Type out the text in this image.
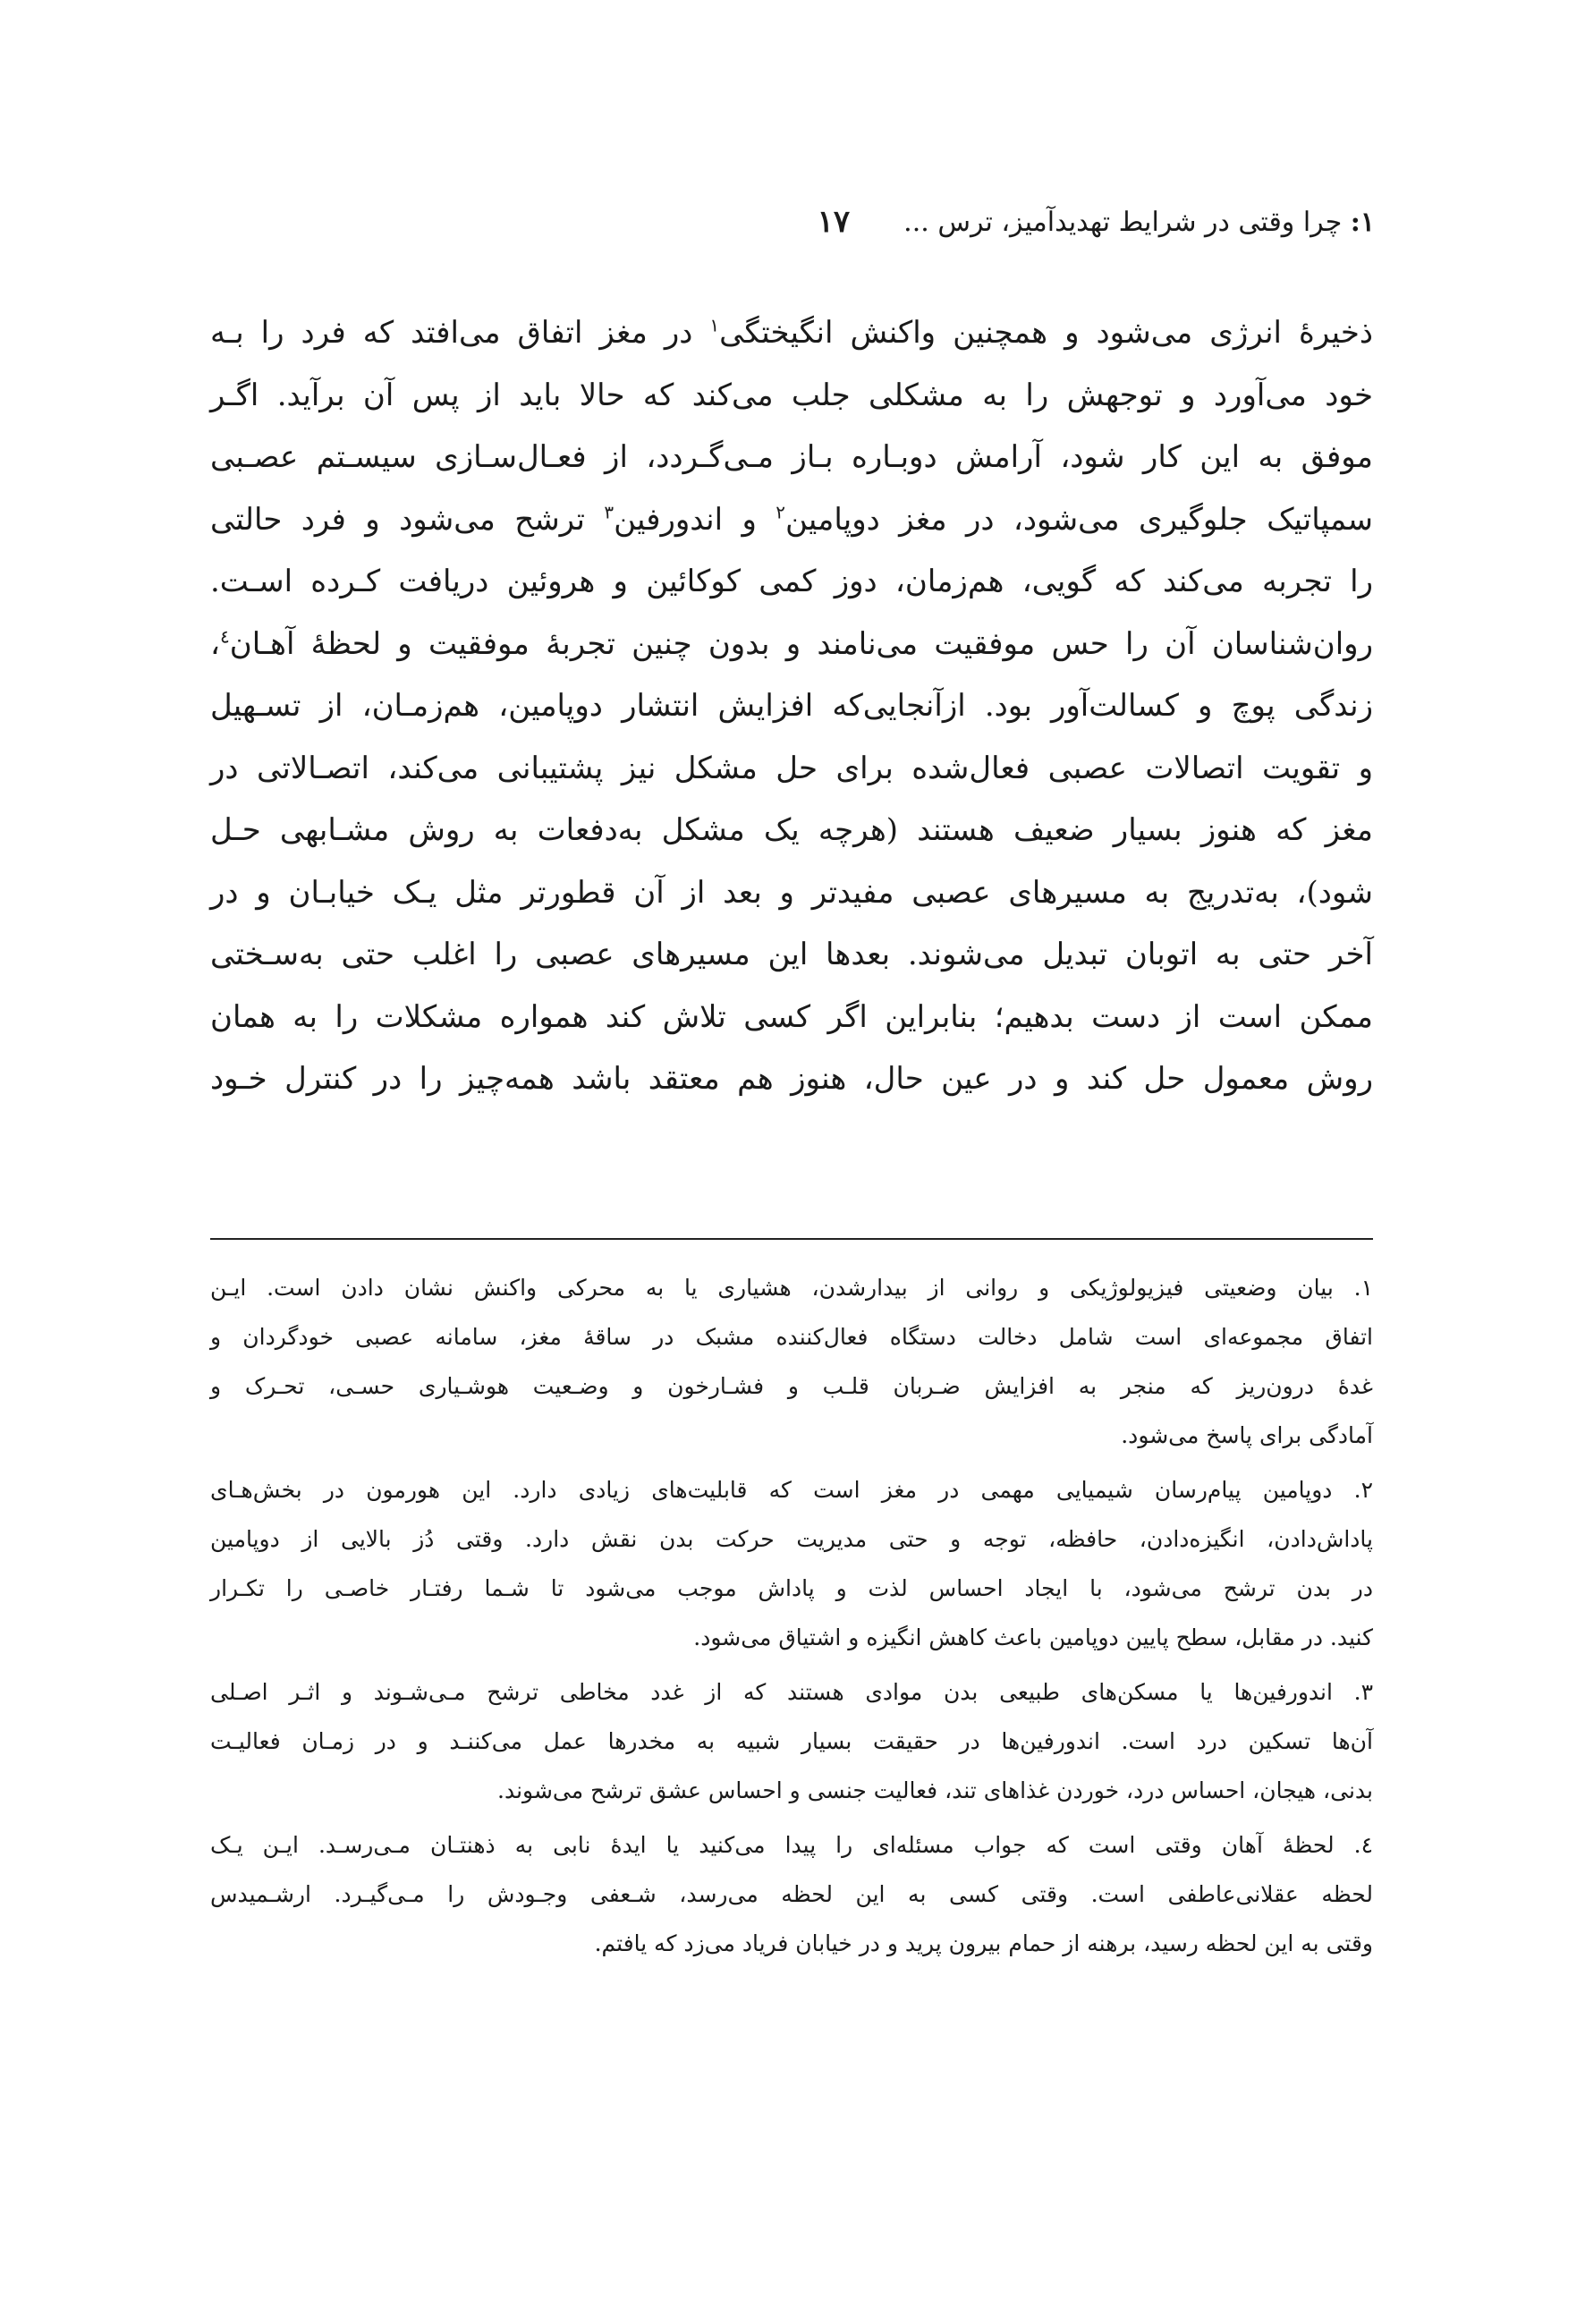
۱: چرا وقتی در شرایط تهدیدآمیز، ترس ...
۱۷
ذخیرهٔ انرژی می‌شود و همچنین واکنش انگیختگی$^۱$ در مغز اتفاق می‌افتد که فرد را بـه
خود می‌آورد و توجهش را به مشکلی جلب می‌کند که حالا باید از پس آن برآید. اگـر
موفق به این کار شود، آرامش دوبـاره بـاز مـی‌گـردد، از فعـال‌سـازی سیسـتم عصـبی
سمپاتیک جلوگیری می‌شود، در مغز دوپامین$^۲$ و اندورفین$^۳$ ترشح می‌شود و فرد حالتی
را تجربه می‌کند که گویی، هم‌زمان، دوز کمی کوکائین و هروئین دریافت کـرده اسـت.
روان‌شناسان آن را حس موفقیت می‌نامند و بدون چنین تجربهٔ موفقیت و لحظهٔ آهـان$^٤$،
زندگی پوچ و کسالت‌آور بود. ازآنجایی‌که افزایش انتشار دوپامین، هم‌زمـان، از تسـهیل
و تقویت اتصالات عصبی فعال‌شده برای حل مشکل نیز پشتیبانی می‌کند، اتصـالاتی در
مغز که هنوز بسیار ضعیف هستند (هرچه یک مشکل به‌دفعات به روش مشـابهی حـل
شود)، به‌تدریج به مسیرهای عصبی مفیدتر و بعد از آن قطورتر مثل یـک خیابـان و در
آخر حتی به اتوبان تبدیل می‌شوند. بعدها این مسیرهای عصبی را اغلب حتی به‌سـختی
ممکن است از دست بدهیم؛ بنابراین اگر کسی تلاش کند همواره مشکلات را به همان
روش معمول حل کند و در عین حال، هنوز هم معتقد باشد همه‌چیز را در کنترل خـود
۱. بیان وضعیتی فیزیولوژیکی و روانی از بیدارشدن، هشیاری یا به محرکی واکنش نشان دادن است. ایـن
اتفاق مجموعه‌ای است شامل دخالت دستگاه فعال‌کننده مشبک در ساقهٔ مغز، سامانه عصبی خودگردان و
غدهٔ درون‌ریز که منجر به افزایش ضـربان قلـب و فشـارخون و وضـعیت هوشـیاری حسـی، تحـرک و
آمادگی برای پاسخ می‌شود.
۲. دوپامین پیام‌رسان شیمیایی مهمی در مغز است که قابلیت‌های زیادی دارد. این هورمون در بخش‌هـای
پاداش‌دادن، انگیزه‌دادن، حافظه، توجه و حتی مدیریت حرکت بدن نقش دارد. وقتی دُز بالایی از دوپامین
در بدن ترشح می‌شود، با ایجاد احساس لذت و پاداش موجب می‌شود تا شـما رفتـار خاصـی را تکـرار
کنید. در مقابل، سطح پایین دوپامین باعث کاهش انگیزه و اشتیاق می‌شود.
۳. اندورفین‌ها یا مسکن‌های طبیعی بدن موادی هستند که از غدد مخاطی ترشح مـی‌شـوند و اثـر اصـلی
آن‌ها تسکین درد است. اندورفین‌ها در حقیقت بسیار شبیه به مخدرها عمل می‌کننـد و در زمـان فعالیـت
بدنی، هیجان، احساس درد، خوردن غذاهای تند، فعالیت جنسی و احساس عشق ترشح می‌شوند.
٤. لحظهٔ آهان وقتی است که جواب مسئله‌ای را پیدا می‌کنید یا ایدهٔ نابی به ذهنتـان مـی‌رسـد. ایـن یـک
لحظه عقلانی‌عاطفی است. وقتی کسی به این لحظه می‌رسد، شـعفی وجـودش را مـی‌گیـرد. ارشـمیدس
وقتی به این لحظه رسید، برهنه از حمام بیرون پرید و در خیابان فریاد می‌زد که یافتم.
